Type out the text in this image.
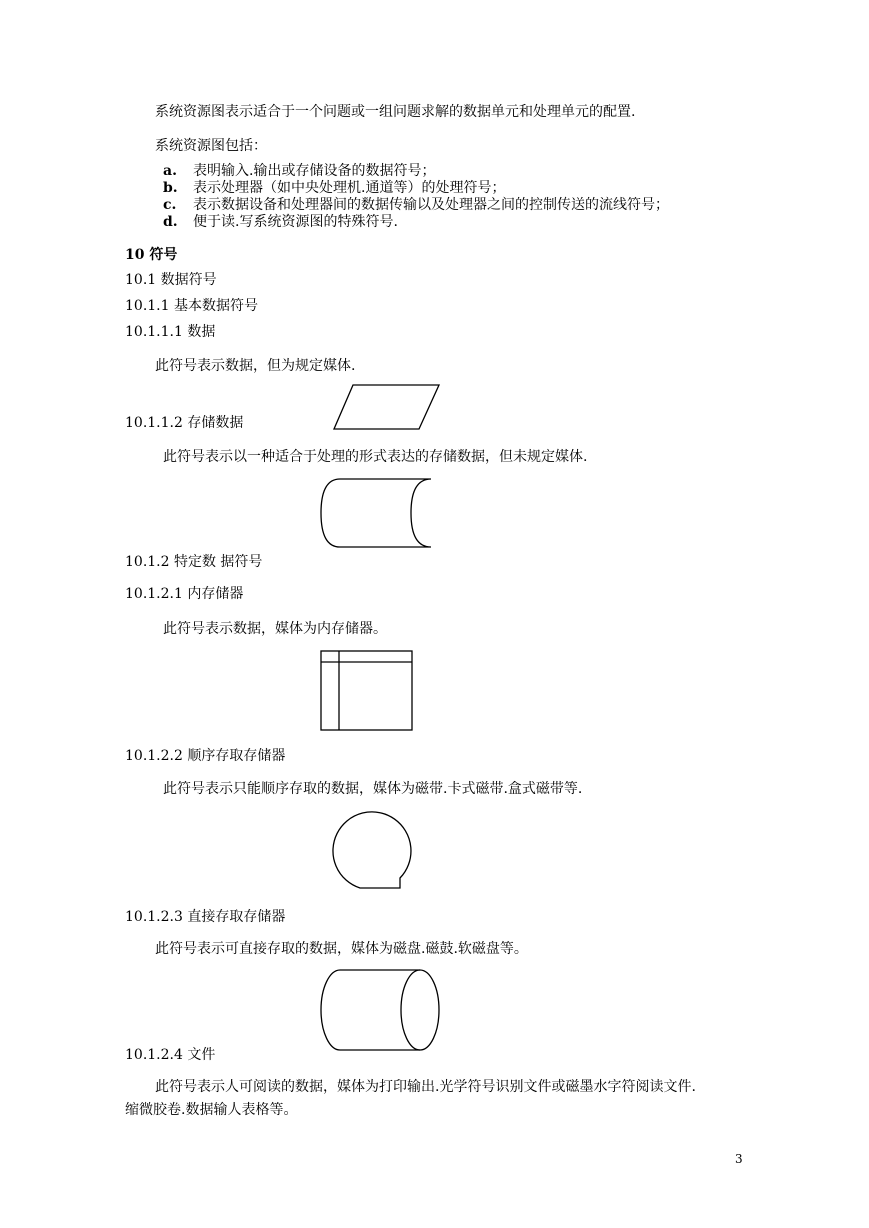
系统资源图表示适合于一个问题或一组问题求解的数据单元和处理单元的配置.
系统资源图包括：
a.	表明输入.输出或存储设备的数据符号；
b.	表示处理器（如中央处理机.通道等）的处理符号；
c.	表示数据设备和处理器间的数据传输以及处理器之间的控制传送的流线符号；
d.	便于读.写系统资源图的特殊符号.
10 符号
10.1 数据符号
10.1.1 基本数据符号
10.1.1.1 数据
此符号表示数据，但为规定媒体.
10.1.1.2 存储数据
此符号表示以一种适合于处理的形式表达的存储数据，但未规定媒体.
10.1.2 特定数 据符号
10.1.2.1 内存储器
此符号表示数据，媒体为内存储器。
10.1.2.2 顺序存取存储器
此符号表示只能顺序存取的数据，媒体为磁带.卡式磁带.盒式磁带等.
10.1.2.3 直接存取存储器
此符号表示可直接存取的数据，媒体为磁盘.磁鼓.软磁盘等。
10.1.2.4 文件
此符号表示人可阅读的数据，媒体为打印输出.光学符号识别文件或磁墨水字符阅读文件.
缩微胶卷.数据输人表格等。
3
